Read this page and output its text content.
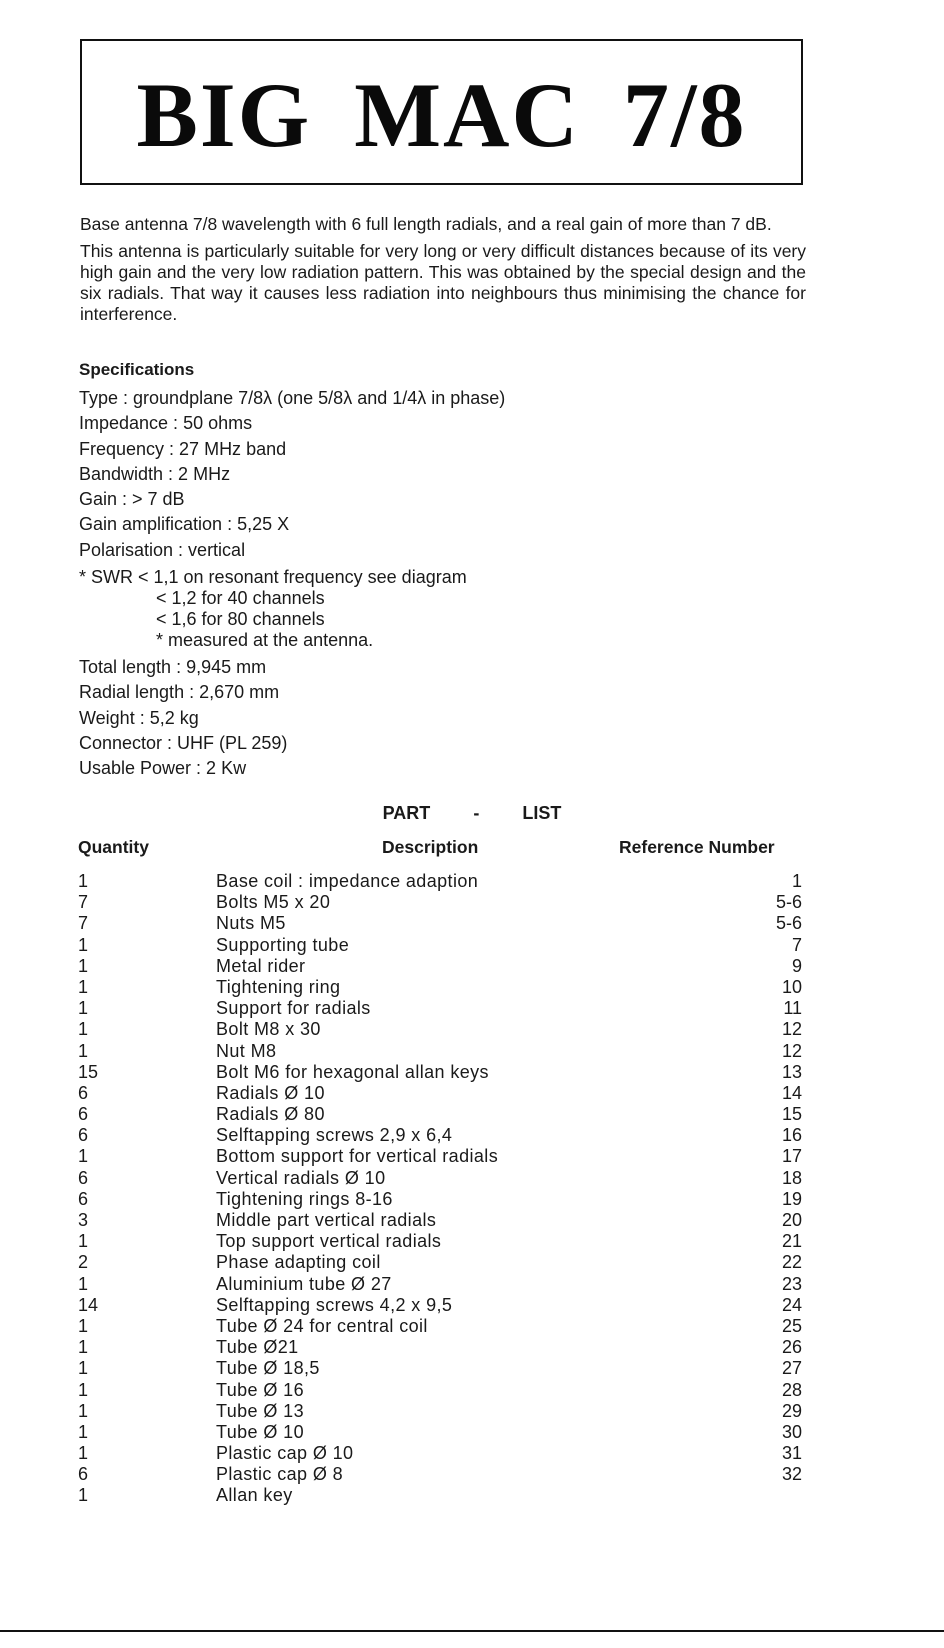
BIG MAC 7/8

Base antenna 7/8 wavelength with 6 full length radials, and a real gain of more than 7 dB.

This antenna is particularly suitable for very long or very difficult distances because of its very high gain and the very low radiation pattern. This was obtained by the special design and the six radials. That way it causes less radiation into neighbours thus minimising the chance for interference.

Specifications
Type : groundplane 7/8λ (one 5/8λ and 1/4λ in phase)
Impedance : 50 ohms
Frequency : 27 MHz band
Bandwidth : 2 MHz
Gain : > 7 dB
Gain amplification : 5,25 X
Polarisation : vertical
* SWR < 1,1 on resonant frequency see diagram
< 1,2 for 40 channels
< 1,6 for 80 channels
* measured at the antenna.
Total length : 9,945 mm
Radial length : 2,670 mm
Weight : 5,2 kg
Connector : UHF (PL 259)
Usable Power : 2 Kw
PART - LIST
Quantity	Description	Reference Number
1	Base coil : impedance adaption	1
7	Bolts M5 x 20	5-6
7	Nuts M5	5-6
1	Supporting tube	7
1	Metal rider	9
1	Tightening ring	10
1	Support for radials	11
1	Bolt M8 x 30	12
1	Nut M8	12
15	Bolt M6 for hexagonal allan keys	13
6	Radials Ø 10	14
6	Radials Ø 80	15
6	Selftapping screws 2,9 x 6,4	16
1	Bottom support for vertical radials	17
6	Vertical radials Ø 10	18
6	Tightening rings 8-16	19
3	Middle part vertical radials	20
1	Top support vertical radials	21
2	Phase adapting coil	22
1	Aluminium tube Ø 27	23
14	Selftapping screws 4,2 x 9,5	24
1	Tube Ø 24 for central coil	25
1	Tube Ø21	26
1	Tube Ø 18,5	27
1	Tube Ø 16	28
1	Tube Ø 13	29
1	Tube Ø 10	30
1	Plastic cap Ø 10	31
6	Plastic cap Ø 8	32
1	Allan key
